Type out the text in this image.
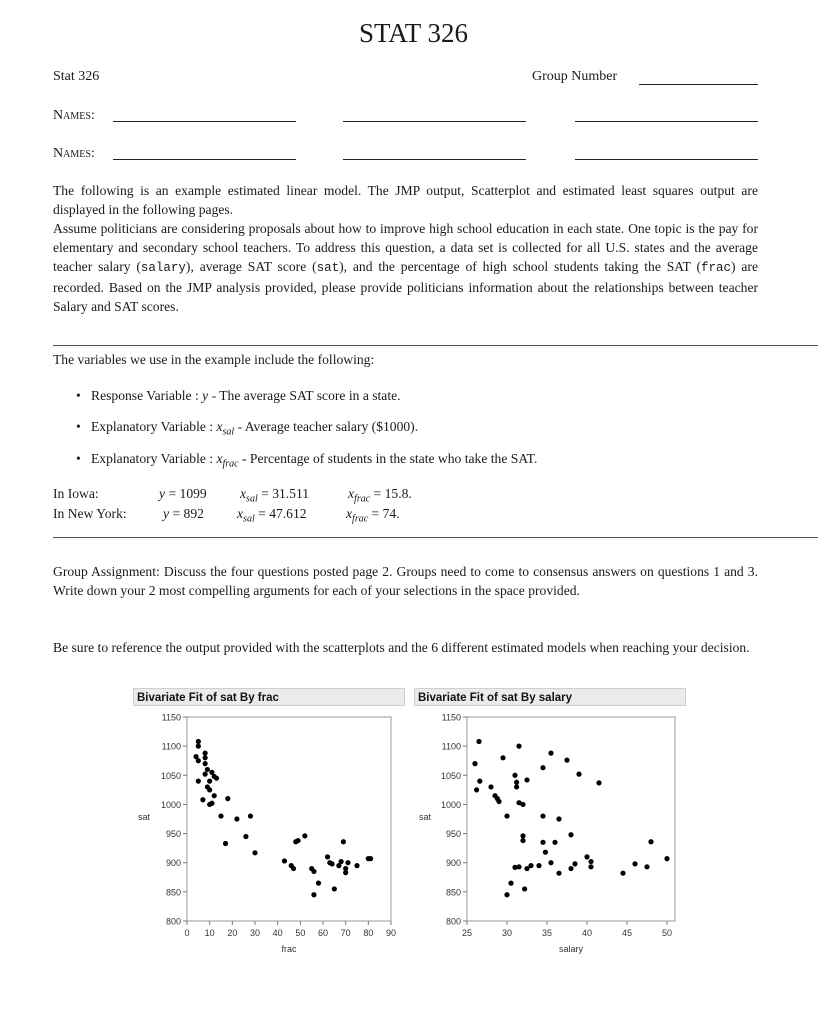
STAT 326
Stat 326	Group Number
Names:
Names:
The following is an example estimated linear model. The JMP output, Scatterplot and estimated least squares output are displayed in the following pages.
Assume politicians are considering proposals about how to improve high school education in each state. One topic is the pay for elementary and secondary school teachers. To address this question, a data set is collected for all U.S. states and the average teacher salary (salary), average SAT score (sat), and the percentage of high school students taking the SAT (frac) are recorded. Based on the JMP analysis provided, please provide politicians information about the relationships between teacher Salary and SAT scores.
The variables we use in the example include the following:
• Response Variable : y - The average SAT score in a state.
• Explanatory Variable : $x_{sal}$ - Average teacher salary ($1000).
• Explanatory Variable : $x_{frac}$ - Percentage of students in the state who take the SAT.
In Iowa:	y = 1099 $x_{sal} = 31.511$	$x_{frac} = 15.8$.
In New York:	y = 892 $x_{sal} = 47.612$	$x_{frac} = 74$.
Group Assignment: Discuss the four questions posted page 2. Groups need to come to consensus answers on questions 1 and 3. Write down your 2 most compelling arguments for each of your selections in the space provided.
Be sure to reference the output provided with the scatterplots and the 6 different estimated models when reaching your decision.
Bivariate Fit of sat By frac	Bivariate Fit of sat By salary
800
850
900
950
1000
1050
1100
1150
0 10 20 30 40 50 60 70 80 90
frac
sat
800
850
900
950
1000
1050
1100
1150
25	30	35	40	45	50
salary
sat
